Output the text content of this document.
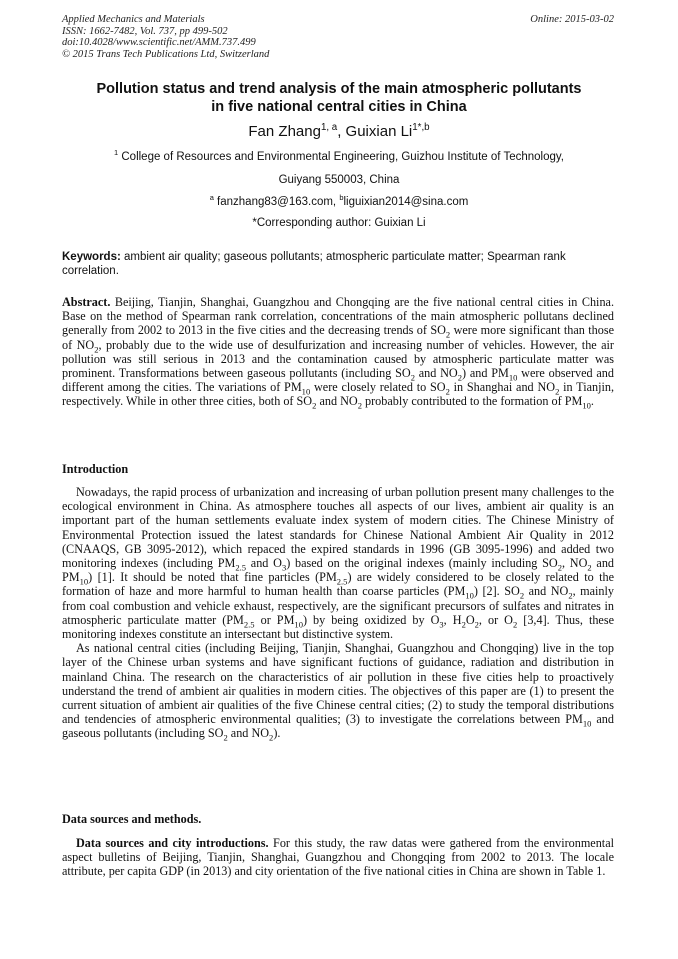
Applied Mechanics and Materials
ISSN: 1662-7482, Vol. 737, pp 499-502
doi:10.4028/www.scientific.net/AMM.737.499
© 2015 Trans Tech Publications Ltd, Switzerland
Online: 2015-03-02
Pollution status and trend analysis of the main atmospheric pollutants
in five national central cities in China
Fan Zhang$^{1, a}$, Guixian $Li^{1*,b}$
$^1$ College of Resources and Environmental Engineering, Guizhou Institute of Technology,
Guiyang 550003, China
$^a$ fanzhang83@163.com, $^b$liguixian2014@sina.com
*Corresponding author: Guixian Li
Keywords: ambient air quality; gaseous pollutants; atmospheric particulate matter; Spearman rank correlation.

Abstract. Beijing, Tianjin, Shanghai, Guangzhou and Chongqing are the five national central cities in China. Base on the method of Spearman rank correlation, concentrations of the main atmospheric pollutans declined generally from 2002 to 2013 in the five cities and the decreasing trends of $SO_2$ were more significant than those of $NO_2$, probably due to the wide use of desulfurization and increasing number of vehicles. However, the air pollution was still serious in 2013 and the contamination caused by atmospheric particulate matter was prominent. Transformations between gaseous pollutants (including $SO_2$ and $NO_2$) and $PM_{10}$ were observed and different among the cities. The variations of $PM_{10}$ were closely related to $SO_2$ in Shanghai and $NO_2$ in Tianjin, respectively. While in other three cities, both of $SO_2$ and $NO_2$ probably contributed to the formation of $PM_{10}$.

Introduction

Nowadays, the rapid process of urbanization and increasing of urban pollution present many challenges to the ecological environment in China. As atmosphere touches all aspects of our lives, ambient air quality is an important part of the human settlements evaluate index system of modern cities. The Chinese Ministry of Environmental Protection issued the latest standards for Chinese National Ambient Air Quality in 2012 (CNAAQS, GB 3095-2012), which repaced the expired standards in 1996 (GB 3095-1996) and added two monitoring indexes (including $PM_{2.5}$ and $O_3$) based on the original indexes (mainly including $SO_2$, $NO_2$ and $PM_{10}$) [1]. It should be noted that fine particles $(PM_{2.5})$ are widely considered to be closely related to the formation of haze and more harmful to human health than coarse particles $(PM_{10})$ [2]. $SO_2$ and $NO_2$, mainly from coal combustion and vehicle exhaust, respectively, are the significant precursors of sulfates and nitrates in atmospheric particulate matter ($PM_{2.5}$ or $PM_{10}$) by being oxidized by $O_3$, $H_2O_2$, or $O_2$ [3,4]. Thus, these monitoring indexes constitute an intersectant but distinctive system.

As national central cities (including Beijing, Tianjin, Shanghai, Guangzhou and Chongqing) live in the top layer of the Chinese urban systems and have significant fuctions of guidance, radiation and distribution in mainland China. The research on the characteristics of air pollution in these five cities help to proactively understand the trend of ambient air qualities in modern cities. The objectives of this paper are (1) to present the current situation of ambient air qualities of the five Chinese central cities; (2) to study the temporal distributions and tendencies of atmospheric environmental qualities; (3) to investigate the correlations between $PM_{10}$ and gaseous pollutants (including $SO_2$ and $NO_2$).

Data sources and methods.

Data sources and city introductions. For this study, the raw datas were gathered from the environmental aspect bulletins of Beijing, Tianjin, Shanghai, Guangzhou and Chongqing from 2002 to 2013. The locale attribute, per capita GDP (in 2013) and city orientation of the five national cities in China are shown in Table 1.
